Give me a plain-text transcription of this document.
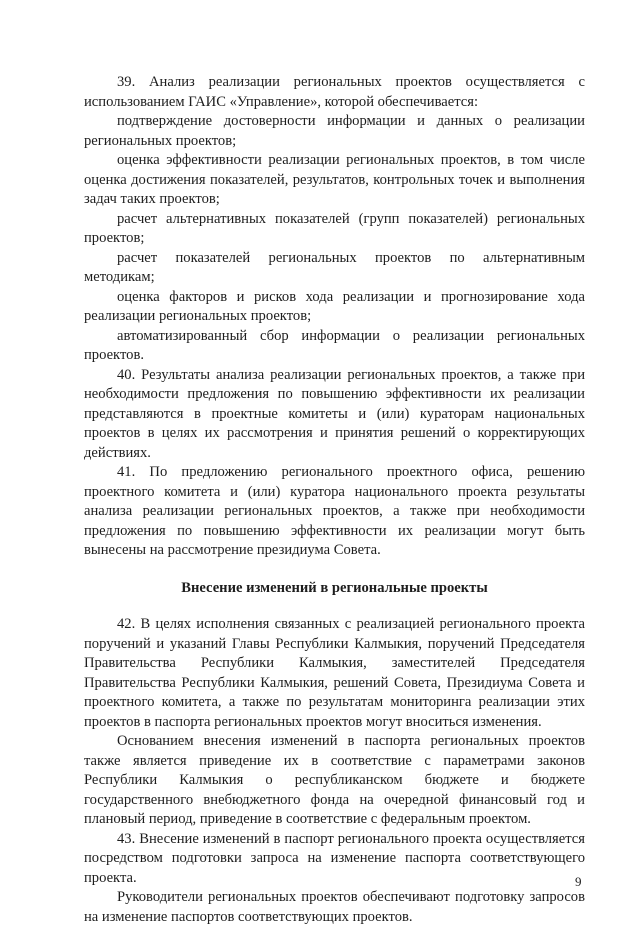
39. Анализ реализации региональных проектов осуществляется с использованием ГАИС «Управление», которой обеспечивается:

подтверждение достоверности информации и данных о реализации региональных проектов;

оценка эффективности реализации региональных проектов, в том числе оценка достижения показателей, результатов, контрольных точек и выполнения задач таких проектов;

расчет альтернативных показателей (групп показателей) региональных проектов;

расчет показателей региональных проектов по альтернативным методикам;

оценка факторов и рисков хода реализации и прогнозирование хода реализации региональных проектов;

автоматизированный сбор информации о реализации региональных проектов.

40. Результаты анализа реализации региональных проектов, а также при необходимости предложения по повышению эффективности их реализации представляются в проектные комитеты и (или) кураторам национальных проектов в целях их рассмотрения и принятия решений о корректирующих действиях.

41. По предложению регионального проектного офиса, решению проектного комитета и (или) куратора национального проекта результаты анализа реализации региональных проектов, а также при необходимости предложения по повышению эффективности их реализации могут быть вынесены на рассмотрение президиума Совета.

Внесение изменений в региональные проекты

42. В целях исполнения связанных с реализацией регионального проекта поручений и указаний Главы Республики Калмыкия, поручений Председателя Правительства Республики Калмыкия, заместителей Председателя Правительства Республики Калмыкия, решений Совета, Президиума Совета и проектного комитета, а также по результатам мониторинга реализации этих проектов в паспорта региональных проектов могут вноситься изменения.

Основанием внесения изменений в паспорта региональных проектов также является приведение их в соответствие с параметрами законов Республики Калмыкия о республиканском бюджете и бюджете государственного внебюджетного фонда на очередной финансовый год и плановый период, приведение в соответствие с федеральным проектом.

43. Внесение изменений в паспорт регионального проекта осуществляется посредством подготовки запроса на изменение паспорта соответствующего проекта.

Руководители региональных проектов обеспечивают подготовку запросов на изменение паспортов соответствующих проектов.

9
